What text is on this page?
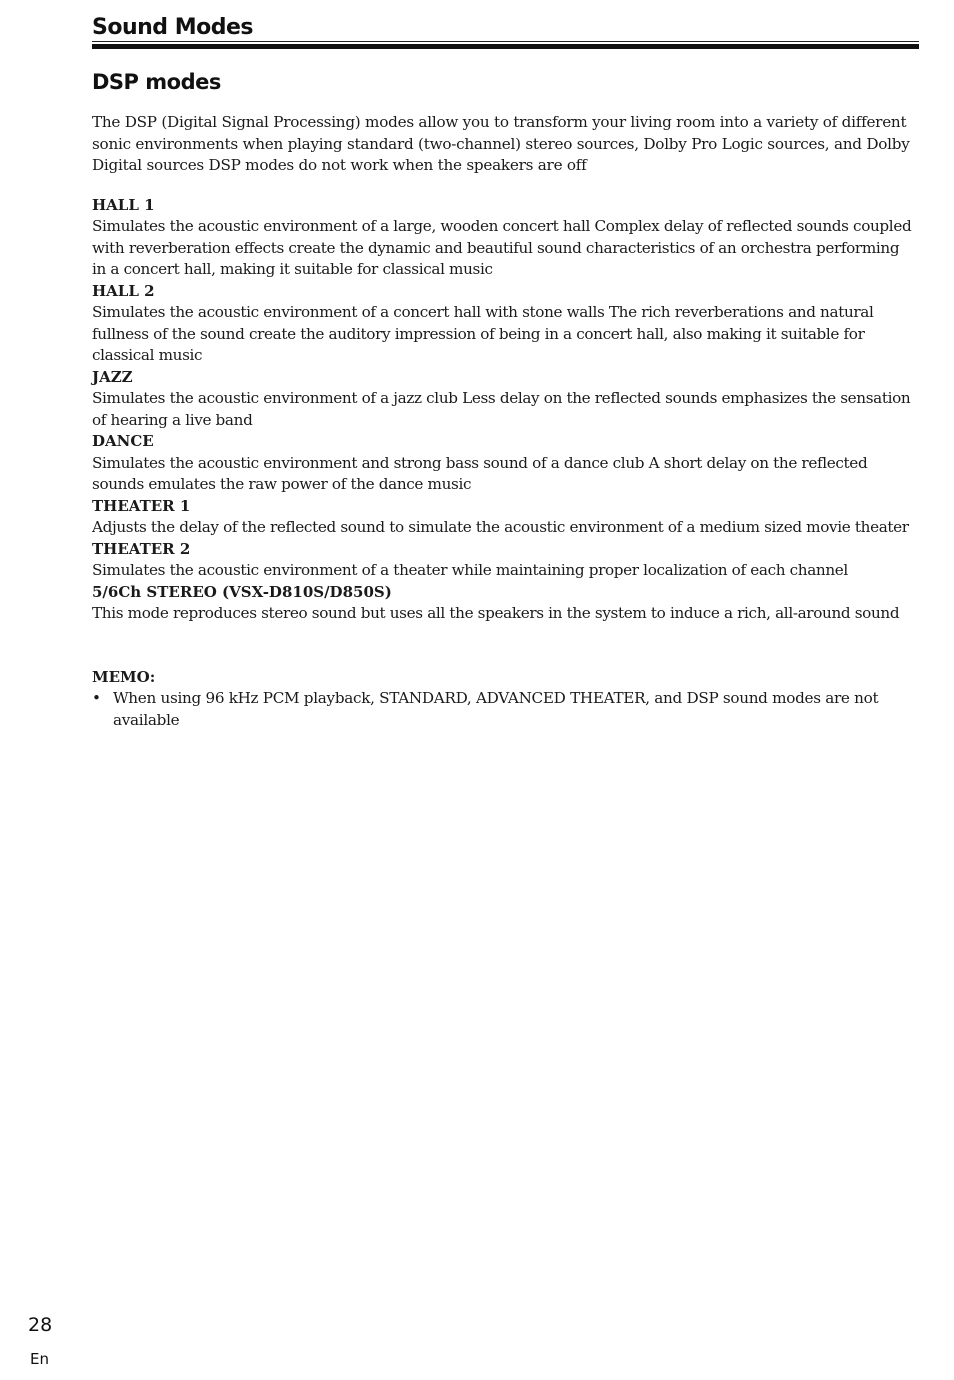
Sound Modes
DSP modes

The DSP (Digital Signal Processing) modes allow you to transform your living room into a variety of different sonic environments when playing standard (two-channel) stereo sources, Dolby Pro Logic sources, and Dolby Digital sources DSP modes do not work when the speakers are off

HALL 1

Simulates the acoustic environment of a large, wooden concert hall Complex delay of reflected sounds coupled with reverberation effects create the dynamic and beautiful sound characteristics of an orchestra performing in a concert hall, making it suitable for classical music

HALL 2

Simulates the acoustic environment of a concert hall with stone walls The rich reverberations and natural fullness of the sound create the auditory impression of being in a concert hall, also making it suitable for classical music

JAZZ

Simulates the acoustic environment of a jazz club Less delay on the reflected sounds emphasizes the sensation of hearing a live band

DANCE

Simulates the acoustic environment and strong bass sound of a dance club A short delay on the reflected sounds emulates the raw power of the dance music

THEATER 1

Adjusts the delay of the reflected sound to simulate the acoustic environment of a medium sized movie theater

THEATER 2

Simulates the acoustic environment of a theater while maintaining proper localization of each channel

5/6Ch STEREO (VSX-D810S/D850S)

This mode reproduces stereo sound but uses all the speakers in the system to induce a rich, all-around sound

MEMO:

• When using 96 kHz PCM playback, STANDARD, ADVANCED THEATER, and DSP sound modes are not available
28
En
